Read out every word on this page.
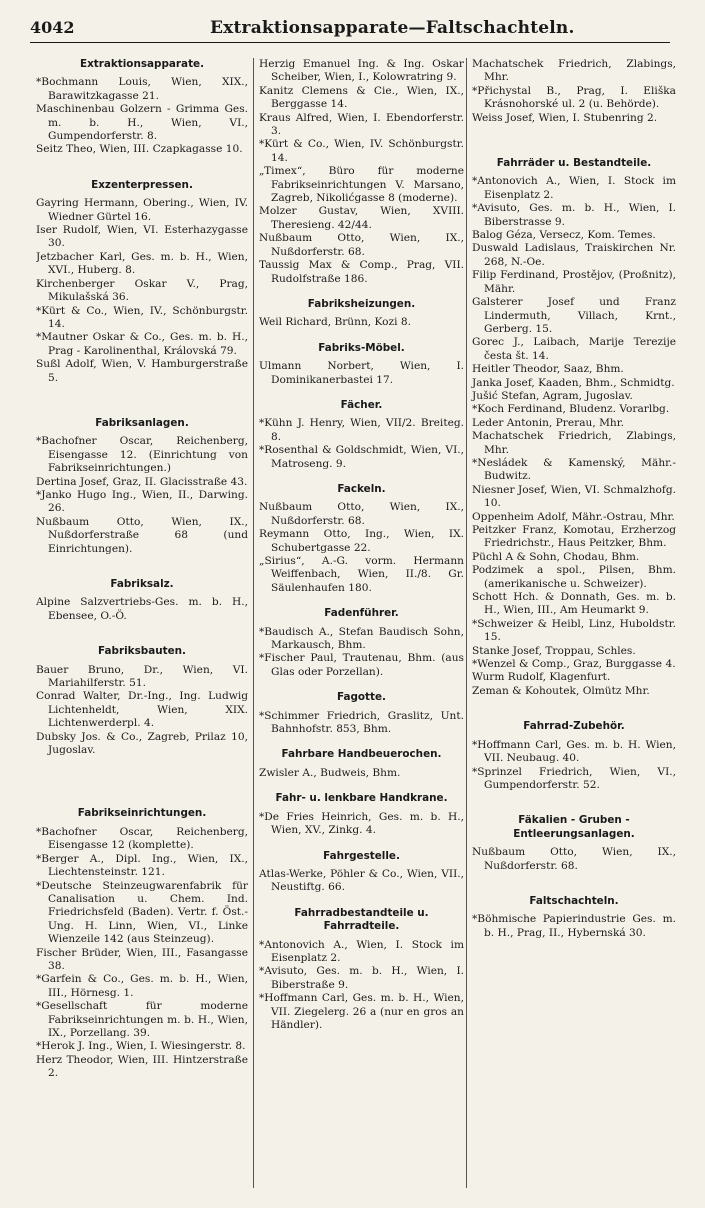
4042	Extraktionsapparate—Faltschachteln.
Extraktionsapparate.

*Bochmann Louis, Wien, XIX., Barawitzkagasse 21.

Maschinenbau Golzern - Grimma Ges. m. b. H., Wien, VI., Gumpendorferstr. 8.

Seitz Theo, Wien, III. Czapkagasse 10.

Exzenterpressen.

Gayring Hermann, Obering., Wien, IV. Wiedner Gürtel 16.

Iser Rudolf, Wien, VI. Esterhazygasse 30.

Jetzbacher Karl, Ges. m. b. H., Wien, XVI., Huberg. 8.

Kirchenberger Oskar V., Prag, Mikulašská 36.

*Kürt & Co., Wien, IV., Schönburgstr. 14.

*Mautner Oskar & Co., Ges. m. b. H., Prag - Karolinenthal, Královská 79.

Sußl Adolf, Wien, V. Hamburgerstraße 5.

Fabriksanlagen.

*Bachofner Oscar, Reichenberg, Eisengasse 12. (Einrichtung von Fabrikseinrichtungen.)

Dertina Josef, Graz, II. Glacisstraße 43.

*Janko Hugo Ing., Wien, II., Darwing. 26.

Nußbaum Otto, Wien, IX., Nußdorferstraße 68 (und Einrichtungen).

Fabriksalz.

Alpine Salzvertriebs-Ges. m. b. H., Ebensee, O.-Ö.

Fabriksbauten.

Bauer Bruno, Dr., Wien, VI. Mariahilferstr. 51.

Conrad Walter, Dr.-Ing., Ing. Ludwig Lichtenheldt, Wien, XIX. Lichtenwerderpl. 4.

Dubsky Jos. & Co., Zagreb, Prilaz 10, Jugoslav.

Fabrikseinrichtungen.

*Bachofner Oscar, Reichenberg, Eisengasse 12 (komplette).

*Berger A., Dipl. Ing., Wien, IX., Liechtensteinstr. 121.

*Deutsche Steinzeugwarenfabrik für Canalisation u. Chem. Ind. Friedrichsfeld (Baden). Vertr. f. Öst.-Ung. H. Linn, Wien, VI., Linke Wienzeile 142 (aus Steinzeug).

Fischer Brüder, Wien, III., Fasangasse 38.

*Garfein & Co., Ges. m. b. H., Wien, III., Hörnesg. 1.

*Gesellschaft für moderne Fabrikseinrichtungen m. b. H., Wien, IX., Porzellang. 39.

*Herok J. Ing., Wien, I. Wiesingerstr. 8.

Herz Theodor, Wien, III. Hintzerstraße 2.

Herzig Emanuel Ing. & Ing. Oskar Scheiber, Wien, I., Kolowratring 9.

Kanitz Clemens & Cie., Wien, IX., Berggasse 14.

Kraus Alfred, Wien, I. Ebendorferstr. 3.

*Kürt & Co., Wien, IV. Schönburgstr. 14.

„Timex“, Büro für moderne Fabrikseinrichtungen V. Marsano, Zagreb, Nikolićgasse 8 (moderne).

Molzer Gustav, Wien, XVIII. Theresieng. 42/44.

Nußbaum Otto, Wien, IX., Nußdorferstr. 68.

Taussig Max & Comp., Prag, VII. Rudolfstraße 186.

Fabriksheizungen.

Weil Richard, Brünn, Kozi 8.

Fabriks-Möbel.

Ulmann Norbert, Wien, I. Dominikanerbastei 17.

Fächer.

*Kühn J. Henry, Wien, VII/2. Breiteg. 8.

*Rosenthal & Goldschmidt, Wien, VI., Matroseng. 9.

Fackeln.

Nußbaum Otto, Wien, IX., Nußdorferstr. 68.

Reymann Otto, Ing., Wien, IX. Schubertgasse 22.

„Sirius“, A.-G. vorm. Hermann Weiffenbach, Wien, II./8. Gr. Säulenhaufen 180.

Fadenführer.

*Baudisch A., Stefan Baudisch Sohn, Markausch, Bhm.

*Fischer Paul, Trautenau, Bhm. (aus Glas oder Porzellan).

Fagotte.

*Schimmer Friedrich, Graslitz, Unt. Bahnhofstr. 853, Bhm.

Fahrbare Handbeuerochen.

Zwisler A., Budweis, Bhm.

Fahr- u. lenkbare Handkrane.

*De Fries Heinrich, Ges. m. b. H., Wien, XV., Zinkg. 4.

Fahrgestelle.

Atlas-Werke, Pöhler & Co., Wien, VII., Neustiftg. 66.

Fahrradbestandteile u. Fahrradteile.

*Antonovich A., Wien, I. Stock im Eisenplatz 2.

*Avisuto, Ges. m. b. H., Wien, I. Biberstraße 9.

*Hoffmann Carl, Ges. m. b. H., Wien, VII. Ziegelerg. 26 a (nur en gros an Händler).

Machatschek Friedrich, Zlabings, Mhr.

*Přichystal B., Prag, I. Eliška Krásnohorské ul. 2 (u. Behörde).

Weiss Josef, Wien, I. Stubenring 2.

Fahrräder u. Bestandteile.

*Antonovich A., Wien, I. Stock im Eisenplatz 2.

*Avisuto, Ges. m. b. H., Wien, I. Biberstrasse 9.

Balog Géza, Versecz, Kom. Temes.

Duswald Ladislaus, Traiskirchen Nr. 268, N.-Oe.

Filip Ferdinand, Prostějov, (Proßnitz), Mähr.

Galsterer Josef und Franz Lindermuth, Villach, Krnt., Gerberg. 15.

Gorec J., Laibach, Marije Terezije česta št. 14.

Heitler Theodor, Saaz, Bhm.

Janka Josef, Kaaden, Bhm., Schmidtg.

Jušić Stefan, Agram, Jugoslav.

*Koch Ferdinand, Bludenz. Vorarlbg.

Leder Antonin, Prerau, Mhr.

Machatschek Friedrich, Zlabings, Mhr.

*Nesládek & Kamenský, Mähr.-Budwitz.

Niesner Josef, Wien, VI. Schmalzhofg. 10.

Oppenheim Adolf, Mähr.-Ostrau, Mhr.

Peitzker Franz, Komotau, Erzherzog Friedrichstr., Haus Peitzker, Bhm.

Püchl A & Sohn, Chodau, Bhm.

Podzimek a spol., Pilsen, Bhm. (amerikanische u. Schweizer).

Schott Hch. & Donnath, Ges. m. b. H., Wien, III., Am Heumarkt 9.

*Schweizer & Heibl, Linz, Huboldstr. 15.

Stanke Josef, Troppau, Schles.

*Wenzel & Comp., Graz, Burggasse 4.

Wurm Rudolf, Klagenfurt.

Zeman & Kohoutek, Olmütz Mhr.

Fahrrad-Zubehör.

*Hoffmann Carl, Ges. m. b. H. Wien, VII. Neubaug. 40.

*Sprinzel Friedrich, Wien, VI., Gumpendorferstr. 52.

Fäkalien - Gruben - Entleerungsanlagen.

Nußbaum Otto, Wien, IX., Nußdorferstr. 68.

Faltschachteln.

*Böhmische Papierindustrie Ges. m. b. H., Prag, II., Hybernská 30.
